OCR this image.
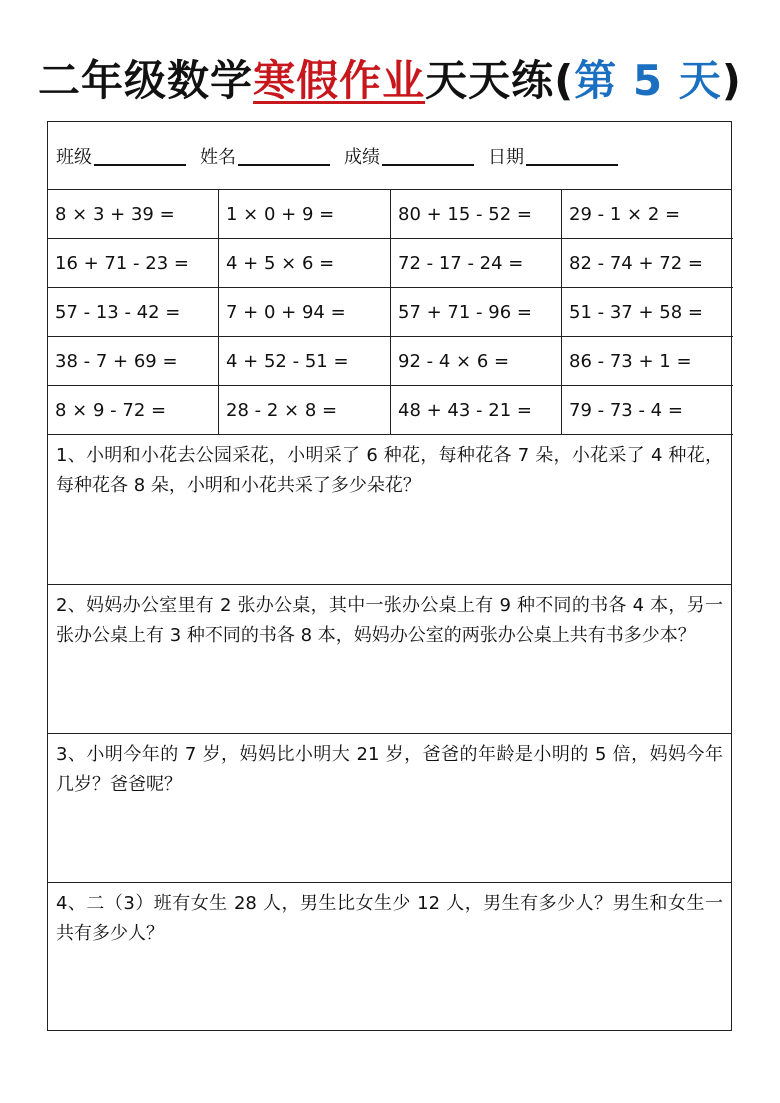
二年级数学寒假作业天天练(第 5 天)
班级	姓名	成绩	日期
8 × 3 + 39 =	1 × 0 + 9 =	80 + 15 - 52 =	29 - 1 × 2 =
16 + 71 - 23 =	4 + 5 × 6 =	72 - 17 - 24 =	82 - 74 + 72 =
57 - 13 - 42 =	7 + 0 + 94 =	57 + 71 - 96 =	51 - 37 + 58 =
38 - 7 + 69 =	4 + 52 - 51 =	92 - 4 × 6 =	86 - 73 + 1 =
8 × 9 - 72 =	28 - 2 × 8 =	48 + 43 - 21 =	79 - 73 - 4 =
1、小明和小花去公园采花，小明采了 6 种花，每种花各 7 朵，小花采了 4 种花，每种花各 8 朵，小明和小花共采了多少朵花？
2、妈妈办公室里有 2 张办公桌，其中一张办公桌上有 9 种不同的书各 4 本，另一张办公桌上有 3 种不同的书各 8 本，妈妈办公室的两张办公桌上共有书多少本？
3、小明今年的 7 岁，妈妈比小明大 21 岁，爸爸的年龄是小明的 5 倍，妈妈今年几岁？爸爸呢？
4、二（3）班有女生 28 人，男生比女生少 12 人，男生有多少人？男生和女生一共有多少人？
